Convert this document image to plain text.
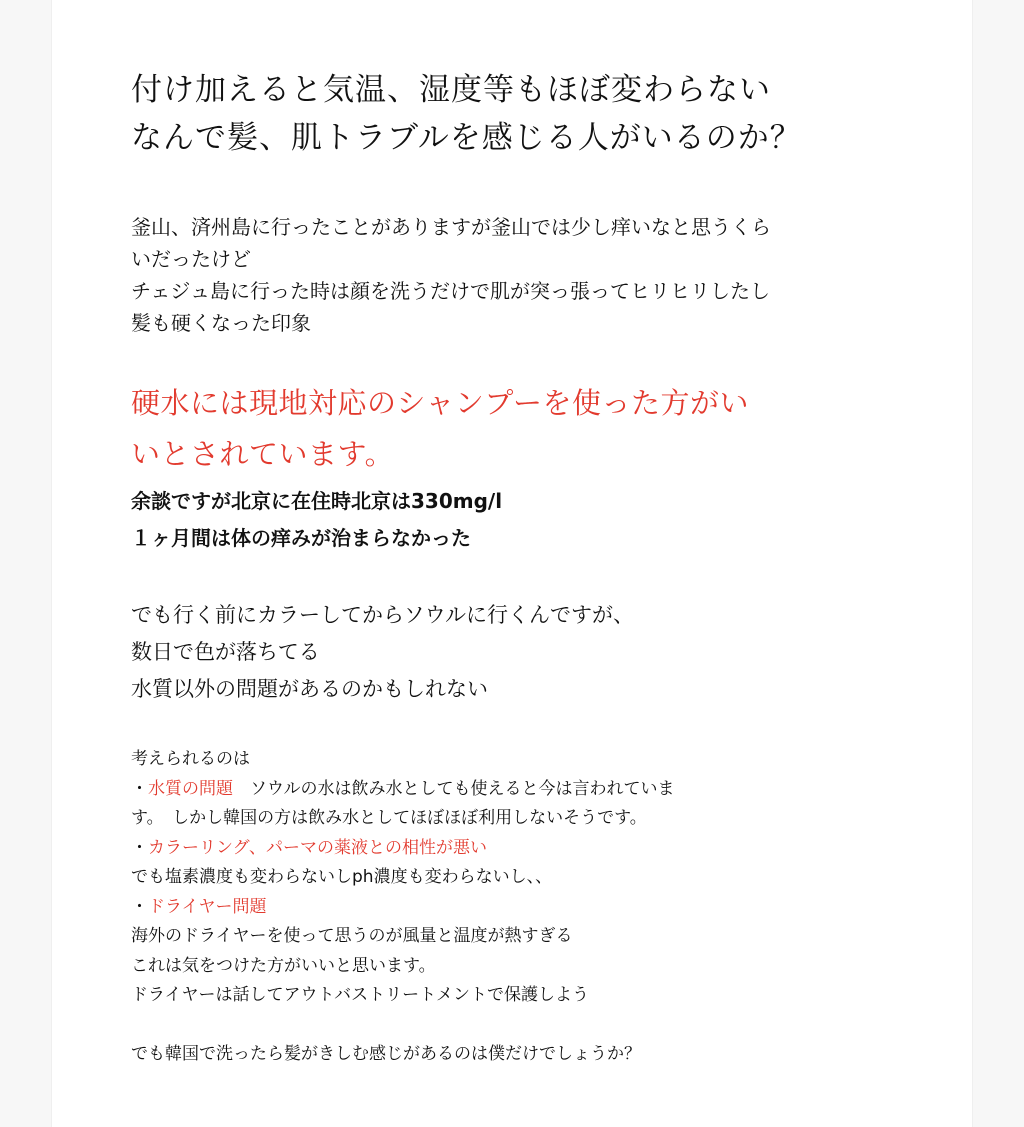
付け加えると気温、湿度等もほぼ変わらない
なんで髪、肌トラブルを感じる人がいるのか？

釜山、済州島に行ったことがありますが釜山では少し痒いなと思うくら
いだったけど
チェジュ島に行った時は顔を洗うだけで肌が突っ張ってヒリヒリしたし
髪も硬くなった印象

硬水には現地対応のシャンプーを使った方がい
いとされています。

余談ですが北京に在住時北京は330mg/l
１ヶ月間は体の痒みが治まらなかった

でも行く前にカラーしてからソウルに行くんですが、
数日で色が落ちてる
水質以外の問題があるのかもしれない

考えられるのは
・水質の問題　ソウルの水は飲み水としても使えると今は言われていま
す。　しかし韓国の方は飲み水としてほぼほぼ利用しないそうです。
・カラーリング、パーマの薬液との相性が悪い
でも塩素濃度も変わらないしph濃度も変わらないし、、
・ドライヤー問題
海外のドライヤーを使って思うのが風量と温度が熱すぎる
これは気をつけた方がいいと思います。
ドライヤーは話してアウトバストリートメントで保護しよう

でも韓国で洗ったら髪がきしむ感じがあるのは僕だけでしょうか？
